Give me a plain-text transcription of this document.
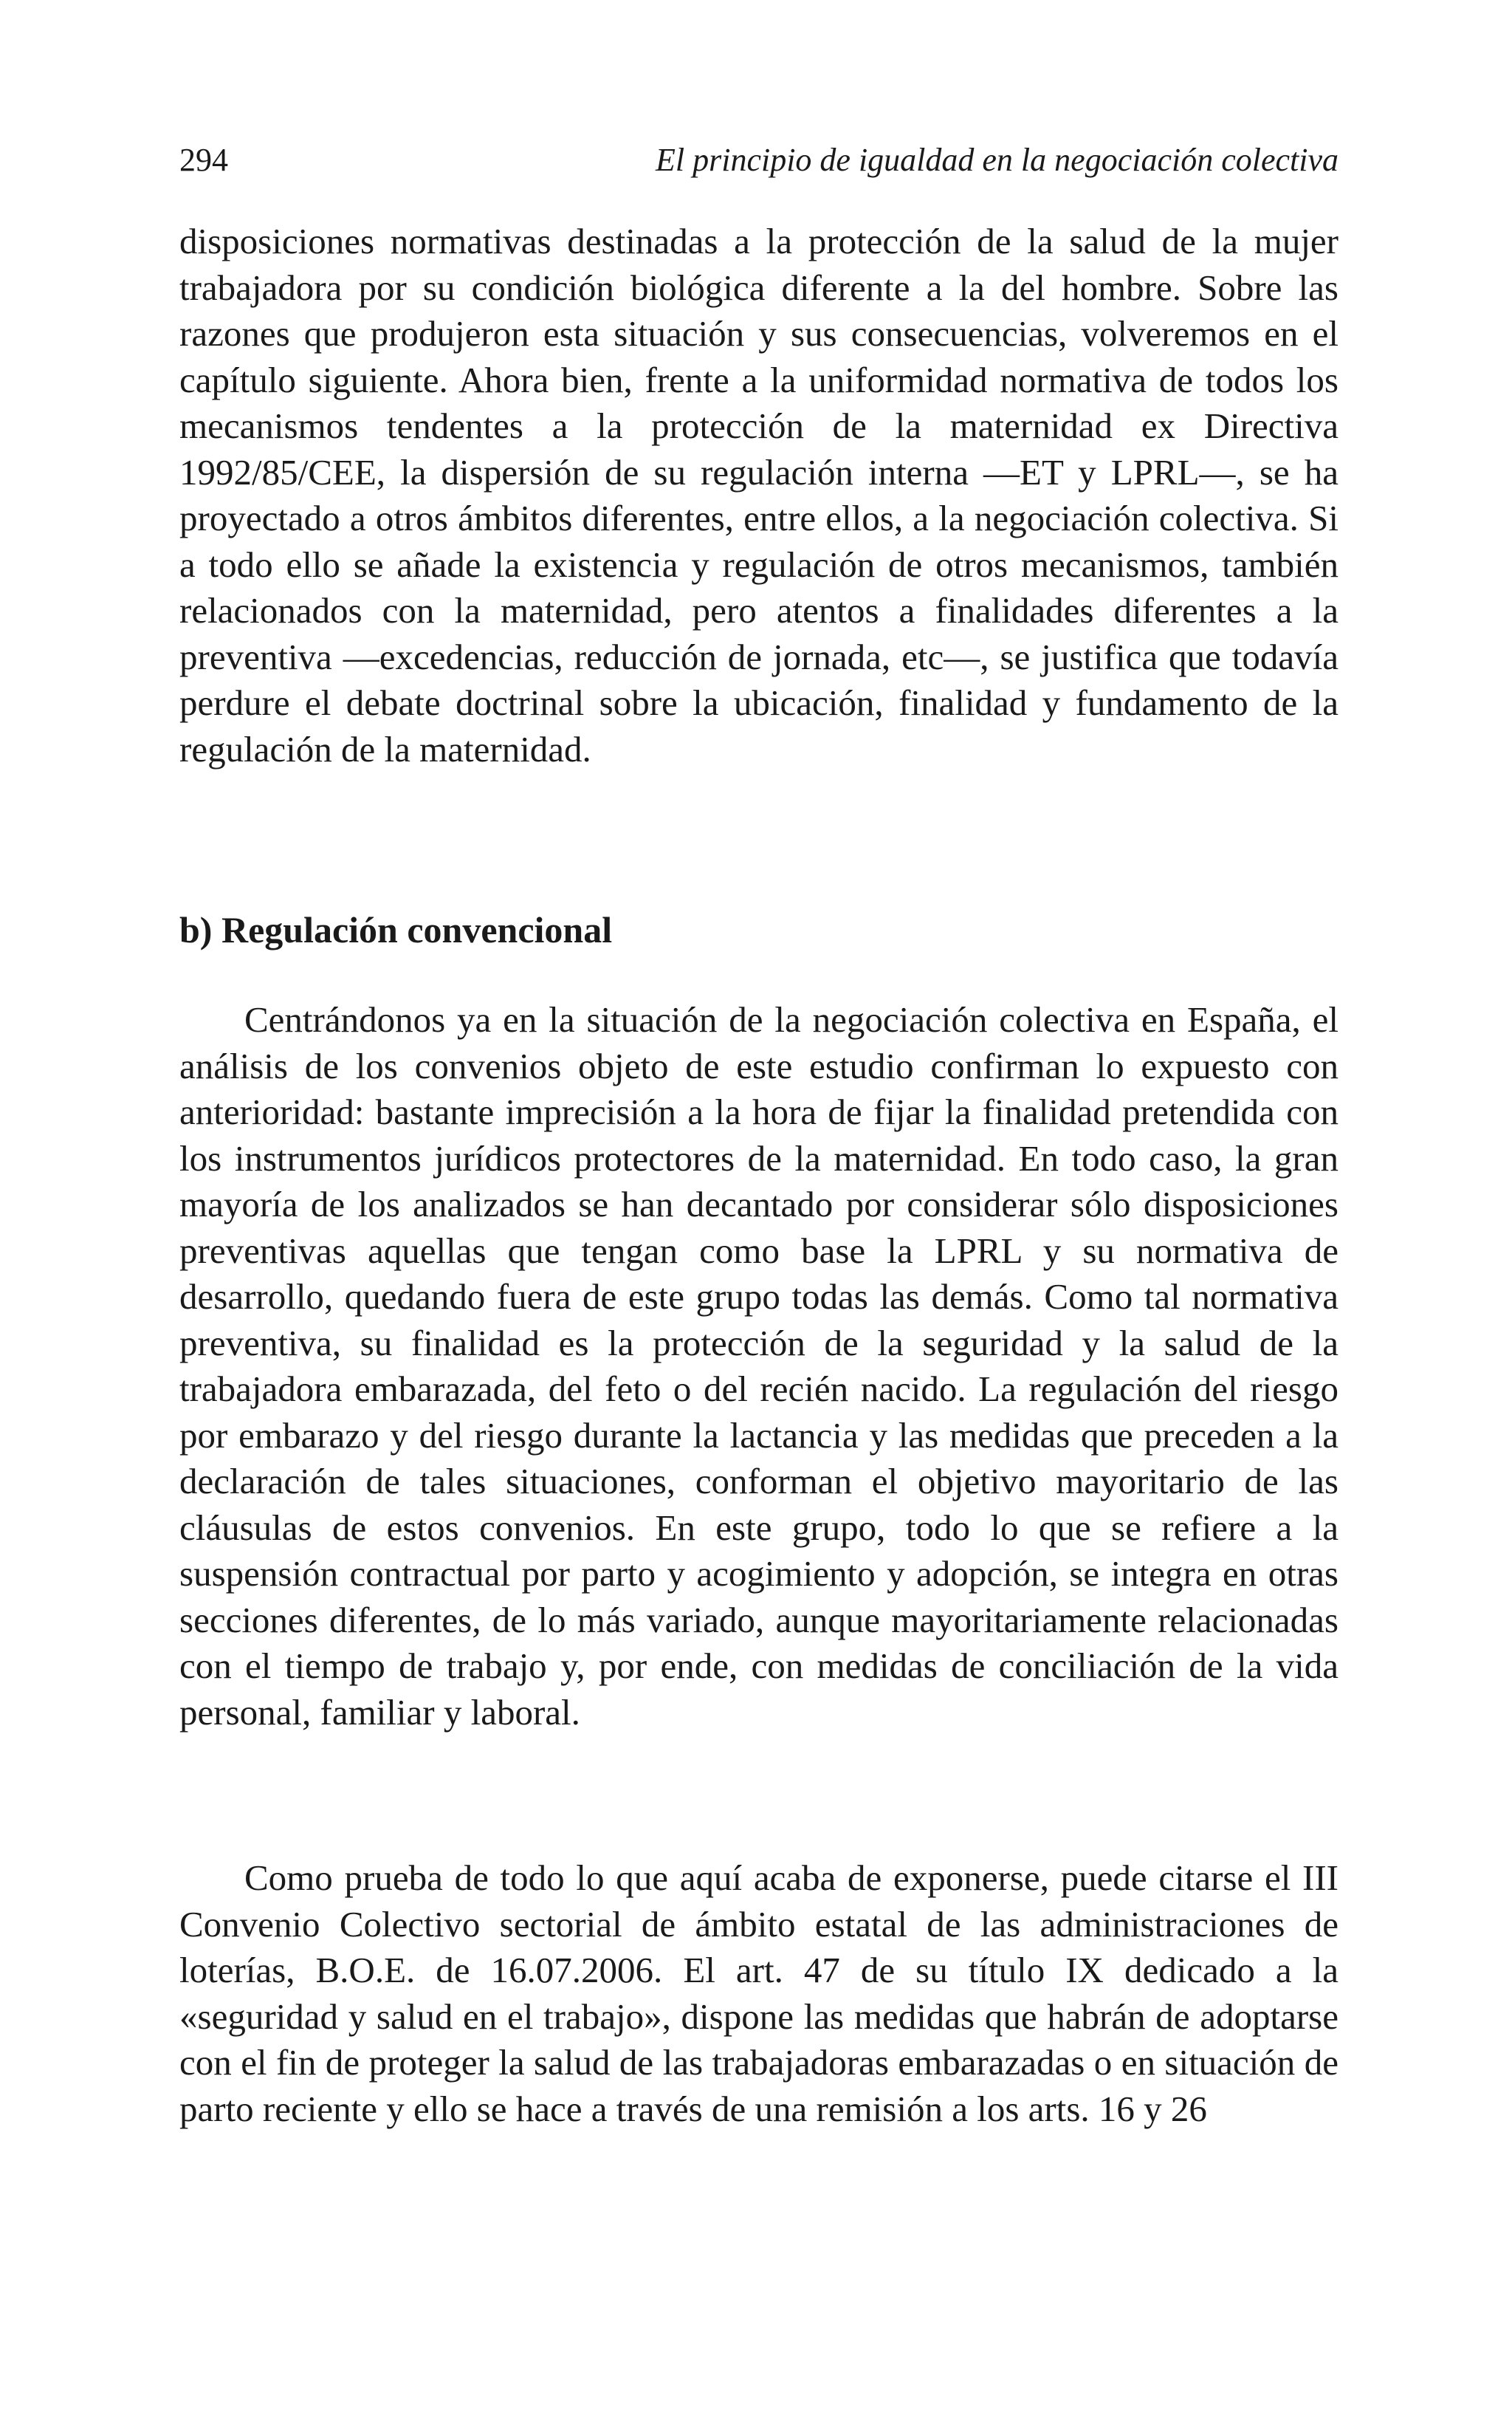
294	El principio de igualdad en la negociación colectiva

disposiciones normativas destinadas a la protección de la salud de la mujer trabajadora por su condición biológica diferente a la del hombre. Sobre las razones que produjeron esta situación y sus consecuencias, volveremos en el capítulo siguiente. Ahora bien, frente a la uniformidad normativa de todos los mecanismos tendentes a la protección de la maternidad ex Directiva 1992/85/CEE, la dispersión de su regulación interna —ET y LPRL—, se ha proyectado a otros ámbitos diferentes, entre ellos, a la negociación colectiva. Si a todo ello se añade la existencia y regulación de otros mecanismos, también relacionados con la maternidad, pero atentos a finalidades diferentes a la preventiva —excedencias, reducción de jornada, etc—, se justifica que todavía perdure el debate doctrinal sobre la ubicación, finalidad y fundamento de la regulación de la maternidad.

b) Regulación convencional

Centrándonos ya en la situación de la negociación colectiva en España, el análisis de los convenios objeto de este estudio confirman lo expuesto con anterioridad: bastante imprecisión a la hora de fijar la finalidad pretendida con los instrumentos jurídicos protectores de la maternidad. En todo caso, la gran mayoría de los analizados se han decantado por considerar sólo disposiciones preventivas aquellas que tengan como base la LPRL y su normativa de desarrollo, quedando fuera de este grupo todas las demás. Como tal normativa preventiva, su finalidad es la protección de la seguridad y la salud de la trabajadora embarazada, del feto o del recién nacido. La regulación del riesgo por embarazo y del riesgo durante la lactancia y las medidas que preceden a la declaración de tales situaciones, conforman el objetivo mayoritario de las cláusulas de estos convenios. En este grupo, todo lo que se refiere a la suspensión contractual por parto y acogimiento y adopción, se integra en otras secciones diferentes, de lo más variado, aunque mayoritariamente relacionadas con el tiempo de trabajo y, por ende, con medidas de conciliación de la vida personal, familiar y laboral.

Como prueba de todo lo que aquí acaba de exponerse, puede citarse el III Convenio Colectivo sectorial de ámbito estatal de las administraciones de loterías, B.O.E. de 16.07.2006. El art. 47 de su título IX dedicado a la «seguridad y salud en el trabajo», dispone las medidas que habrán de adoptarse con el fin de proteger la salud de las trabajadoras embarazadas o en situación de parto reciente y ello se hace a través de una remisión a los arts. 16 y 26
